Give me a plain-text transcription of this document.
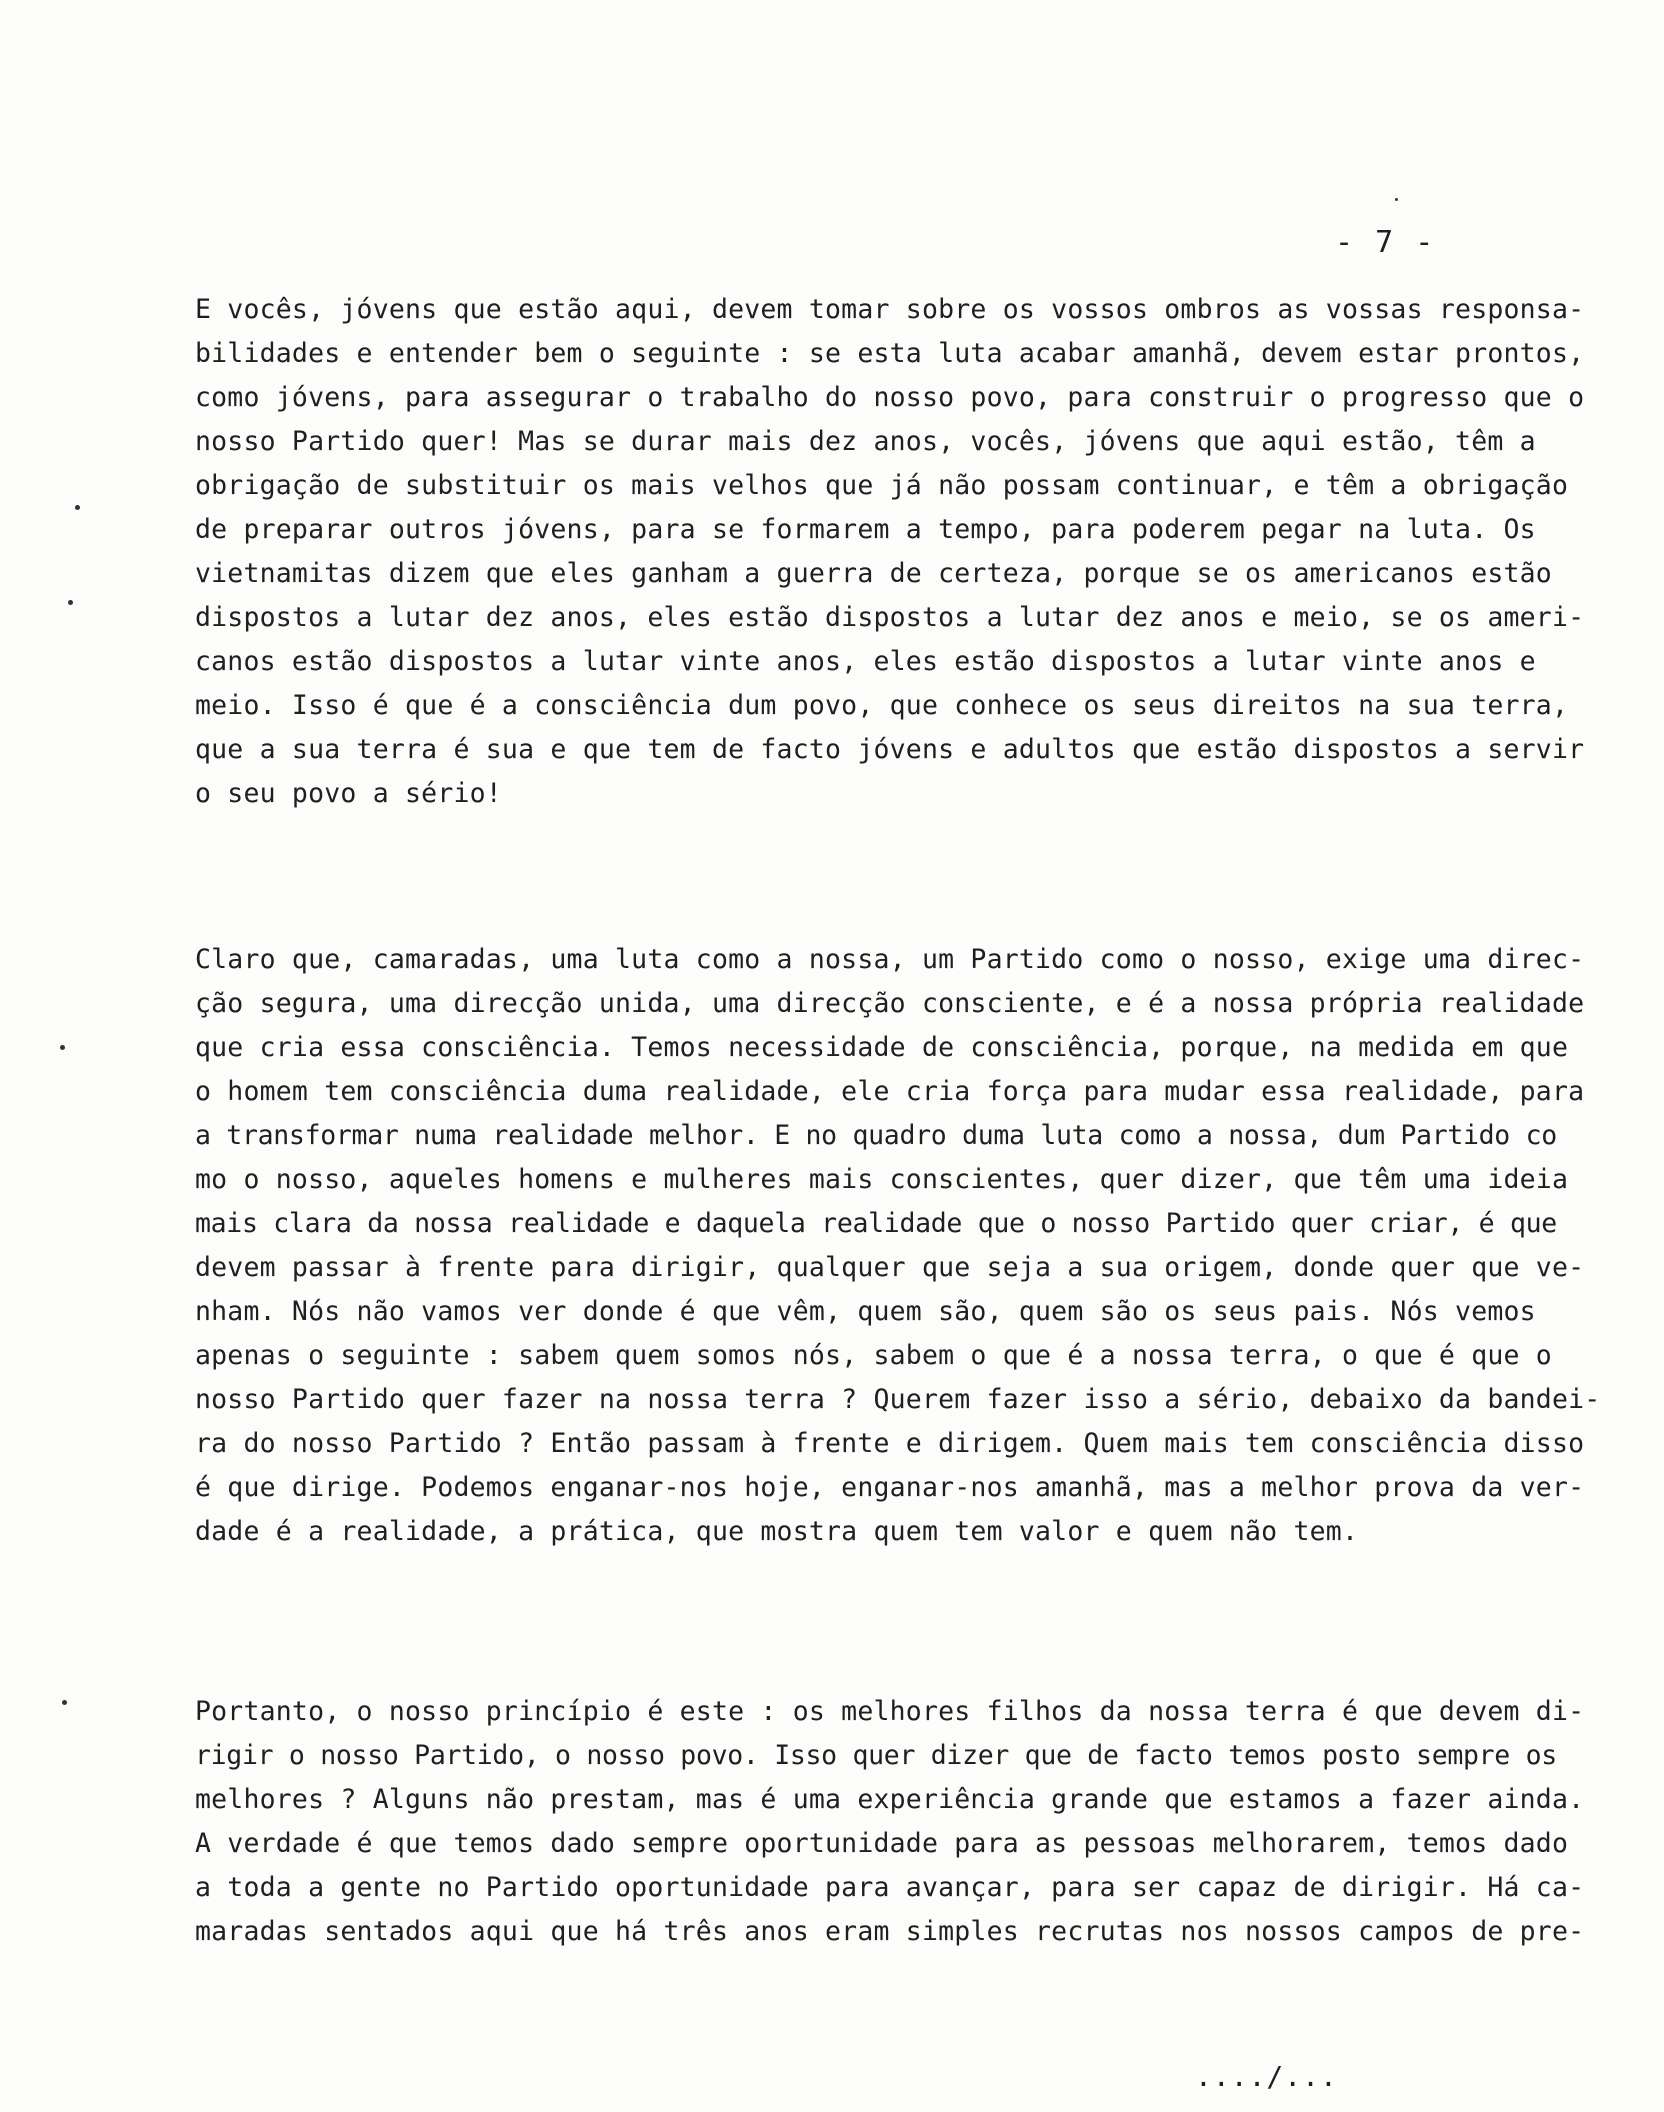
- 7 -
E vocês, jóvens que estão aqui, devem tomar sobre os vossos ombros as vossas responsa-
bilidades e entender bem o seguinte : se esta luta acabar amanhã, devem estar prontos,
como jóvens, para assegurar o trabalho do nosso povo, para construir o progresso que o
nosso Partido quer! Mas se durar mais dez anos, vocês, jóvens que aqui estão, têm a
obrigação de substituir os mais velhos que já não possam continuar, e têm a obrigação
de preparar outros jóvens, para se formarem a tempo, para poderem pegar na luta. Os
vietnamitas dizem que eles ganham a guerra de certeza, porque se os americanos estão
dispostos a lutar dez anos, eles estão dispostos a lutar dez anos e meio, se os ameri-
canos estão dispostos a lutar vinte anos, eles estão dispostos a lutar vinte anos e
meio. Isso é que é a consciência dum povo, que conhece os seus direitos na sua terra,
que a sua terra é sua e que tem de facto jóvens e adultos que estão dispostos a servir
o seu povo a sério!
Claro que, camaradas, uma luta como a nossa, um Partido como o nosso, exige uma direc-
ção segura, uma direcção unida, uma direcção consciente, e é a nossa própria realidade
que cria essa consciência. Temos necessidade de consciência, porque, na medida em que
o homem tem consciência duma realidade, ele cria força para mudar essa realidade, para
a transformar numa realidade melhor. E no quadro duma luta como a nossa, dum Partido co
mo o nosso, aqueles homens e mulheres mais conscientes, quer dizer, que têm uma ideia
mais clara da nossa realidade e daquela realidade que o nosso Partido quer criar, é que
devem passar à frente para dirigir, qualquer que seja a sua origem, donde quer que ve-
nham. Nós não vamos ver donde é que vêm, quem são, quem são os seus pais. Nós vemos
apenas o seguinte : sabem quem somos nós, sabem o que é a nossa terra, o que é que o
nosso Partido quer fazer na nossa terra ? Querem fazer isso a sério, debaixo da bandei-
ra do nosso Partido ? Então passam à frente e dirigem. Quem mais tem consciência disso
é que dirige. Podemos enganar-nos hoje, enganar-nos amanhã, mas a melhor prova da ver-
dade é a realidade, a prática, que mostra quem tem valor e quem não tem.
Portanto, o nosso princípio é este : os melhores filhos da nossa terra é que devem di-
rigir o nosso Partido, o nosso povo. Isso quer dizer que de facto temos posto sempre os
melhores ? Alguns não prestam, mas é uma experiência grande que estamos a fazer ainda.
A verdade é que temos dado sempre oportunidade para as pessoas melhorarem, temos dado
a toda a gente no Partido oportunidade para avançar, para ser capaz de dirigir. Há ca-
maradas sentados aqui que há três anos eram simples recrutas nos nossos campos de pre-
..../...
